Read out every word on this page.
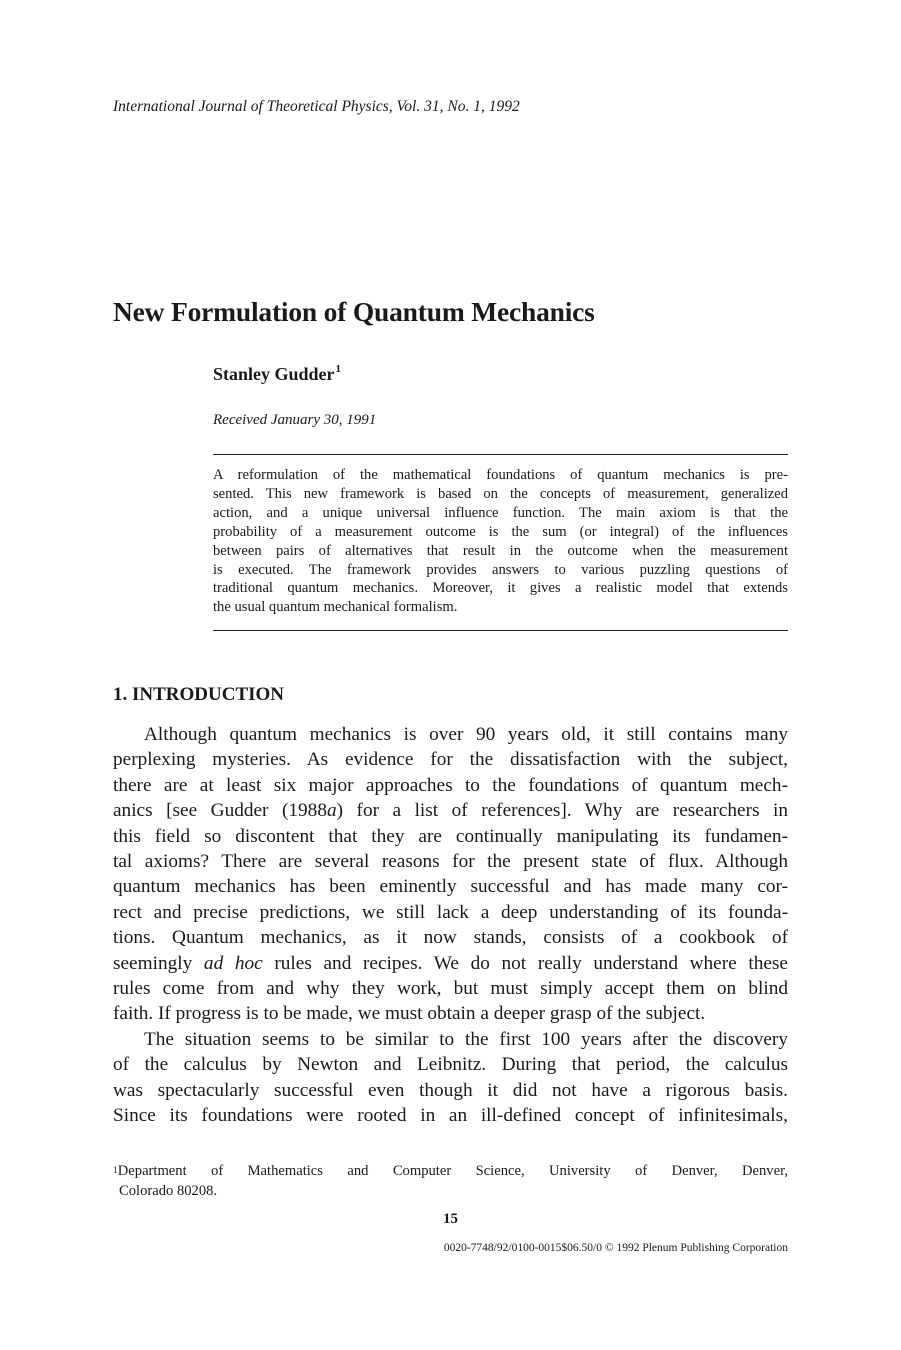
International Journal of Theoretical Physics, Vol. 31, No. 1, 1992
New Formulation of Quantum Mechanics
Stanley Gudder$^1$
Received January 30, 1991
A reformulation of the mathematical foundations of quantum mechanics is pre-
sented. This new framework is based on the concepts of measurement, generalized
action, and a unique universal influence function. The main axiom is that the
probability of a measurement outcome is the sum (or integral) of the influences
between pairs of alternatives that result in the outcome when the measurement
is executed. The framework provides answers to various puzzling questions of
traditional quantum mechanics. Moreover, it gives a realistic model that extends
the usual quantum mechanical formalism.
1. INTRODUCTION
Although quantum mechanics is over 90 years old, it still contains many
perplexing mysteries. As evidence for the dissatisfaction with the subject,
there are at least six major approaches to the foundations of quantum mech-
anics [see Gudder (1988a) for a list of references]. Why are researchers in
this field so discontent that they are continually manipulating its fundamen-
tal axioms? There are several reasons for the present state of flux. Although
quantum mechanics has been eminently successful and has made many cor-
rect and precise predictions, we still lack a deep understanding of its founda-
tions. Quantum mechanics, as it now stands, consists of a cookbook of
seemingly ad hoc rules and recipes. We do not really understand where these
rules come from and why they work, but must simply accept them on blind
faith. If progress is to be made, we must obtain a deeper grasp of the subject.
The situation seems to be similar to the first 100 years after the discovery
of the calculus by Newton and Leibnitz. During that period, the calculus
was spectacularly successful even though it did not have a rigorous basis.
Since its foundations were rooted in an ill-defined concept of infinitesimals,
$^1$Department of Mathematics and Computer Science, University of Denver, Denver,
Colorado 80208.
15
0020-7748/92/0100-0015$06.50/0 © 1992 Plenum Publishing Corporation
